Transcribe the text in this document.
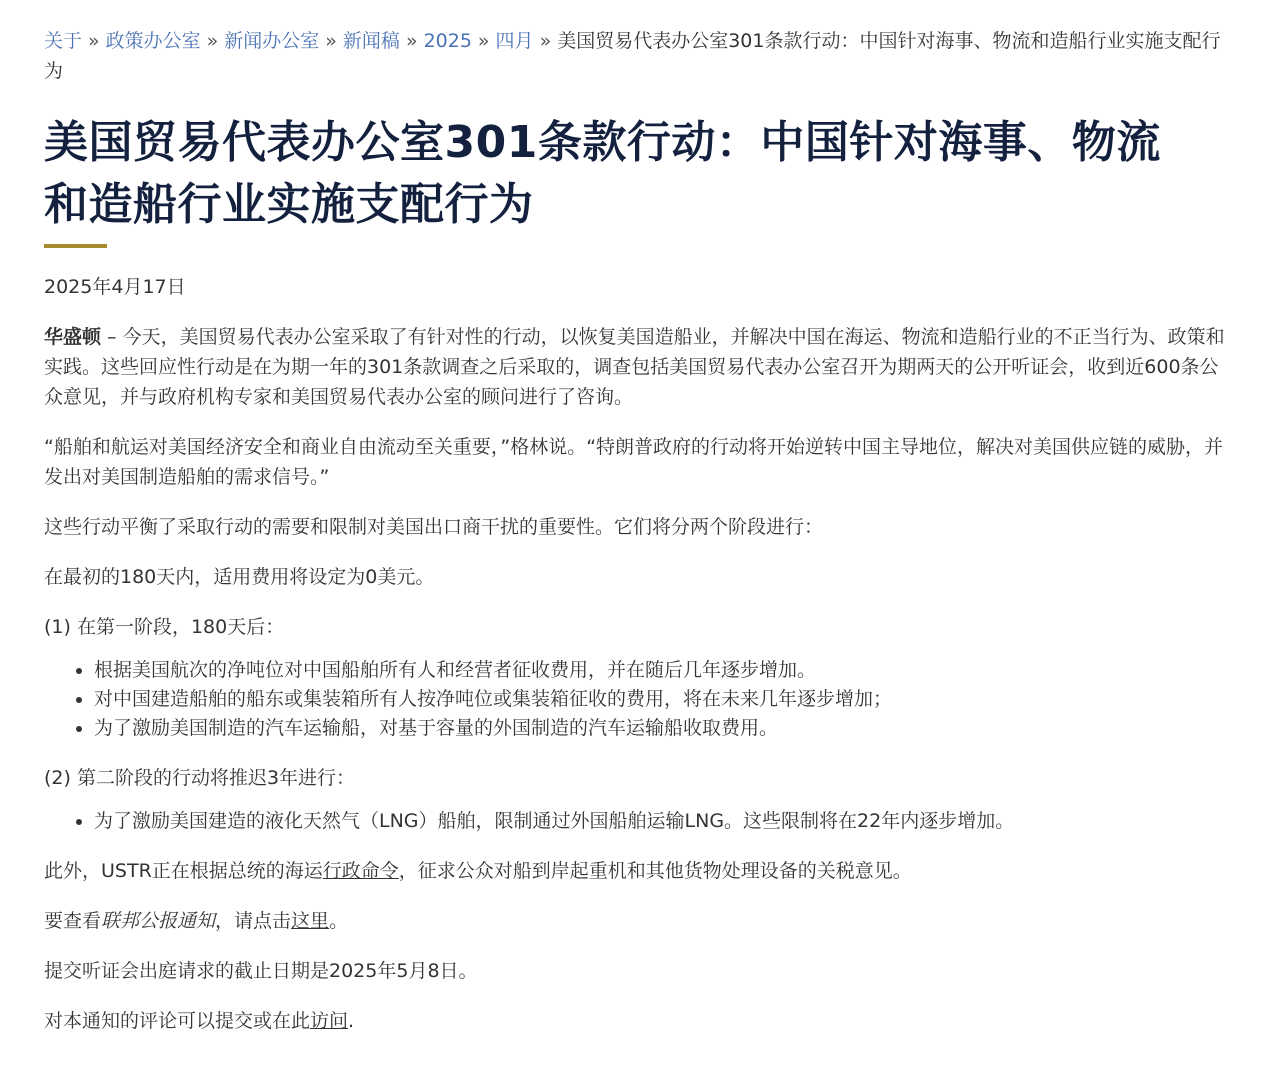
关于 » 政策办公室 » 新闻办公室 » 新闻稿 » 2025 » 四月 » 美国贸易代表办公室301条款行动：中国针对海事、物流和造船行业实施支配行为
美国贸易代表办公室301条款行动：中国针对海事、物流和造船行业实施支配行为
2025年4月17日

华盛顿 – 今天，美国贸易代表办公室采取了有针对性的行动，以恢复美国造船业，并解决中国在海运、物流和造船行业的不正当行为、政策和实践。这些回应性行动是在为期一年的301条款调查之后采取的，调查包括美国贸易代表办公室召开为期两天的公开听证会，收到近600条公众意见，并与政府机构专家和美国贸易代表办公室的顾问进行了咨询。

“船舶和航运对美国经济安全和商业自由流动至关重要，”格林说。“特朗普政府的行动将开始逆转中国主导地位，解决对美国供应链的威胁，并发出对美国制造船舶的需求信号。”

这些行动平衡了采取行动的需要和限制对美国出口商干扰的重要性。它们将分两个阶段进行：

在最初的180天内，适用费用将设定为0美元。

(1) 在第一阶段，180天后：

• 根据美国航次的净吨位对中国船舶所有人和经营者征收费用，并在随后几年逐步增加。
• 对中国建造船舶的船东或集装箱所有人按净吨位或集装箱征收的费用，将在未来几年逐步增加；
• 为了激励美国制造的汽车运输船，对基于容量的外国制造的汽车运输船收取费用。

(2) 第二阶段的行动将推迟3年进行：

• 为了激励美国建造的液化天然气（LNG）船舶，限制通过外国船舶运输LNG。这些限制将在22年内逐步增加。

此外，USTR正在根据总统的海运行政命令，征求公众对船到岸起重机和其他货物处理设备的关税意见。

要查看联邦公报通知，请点击这里。

提交听证会出庭请求的截止日期是2025年5月8日。

对本通知的评论可以提交或在此访问.
